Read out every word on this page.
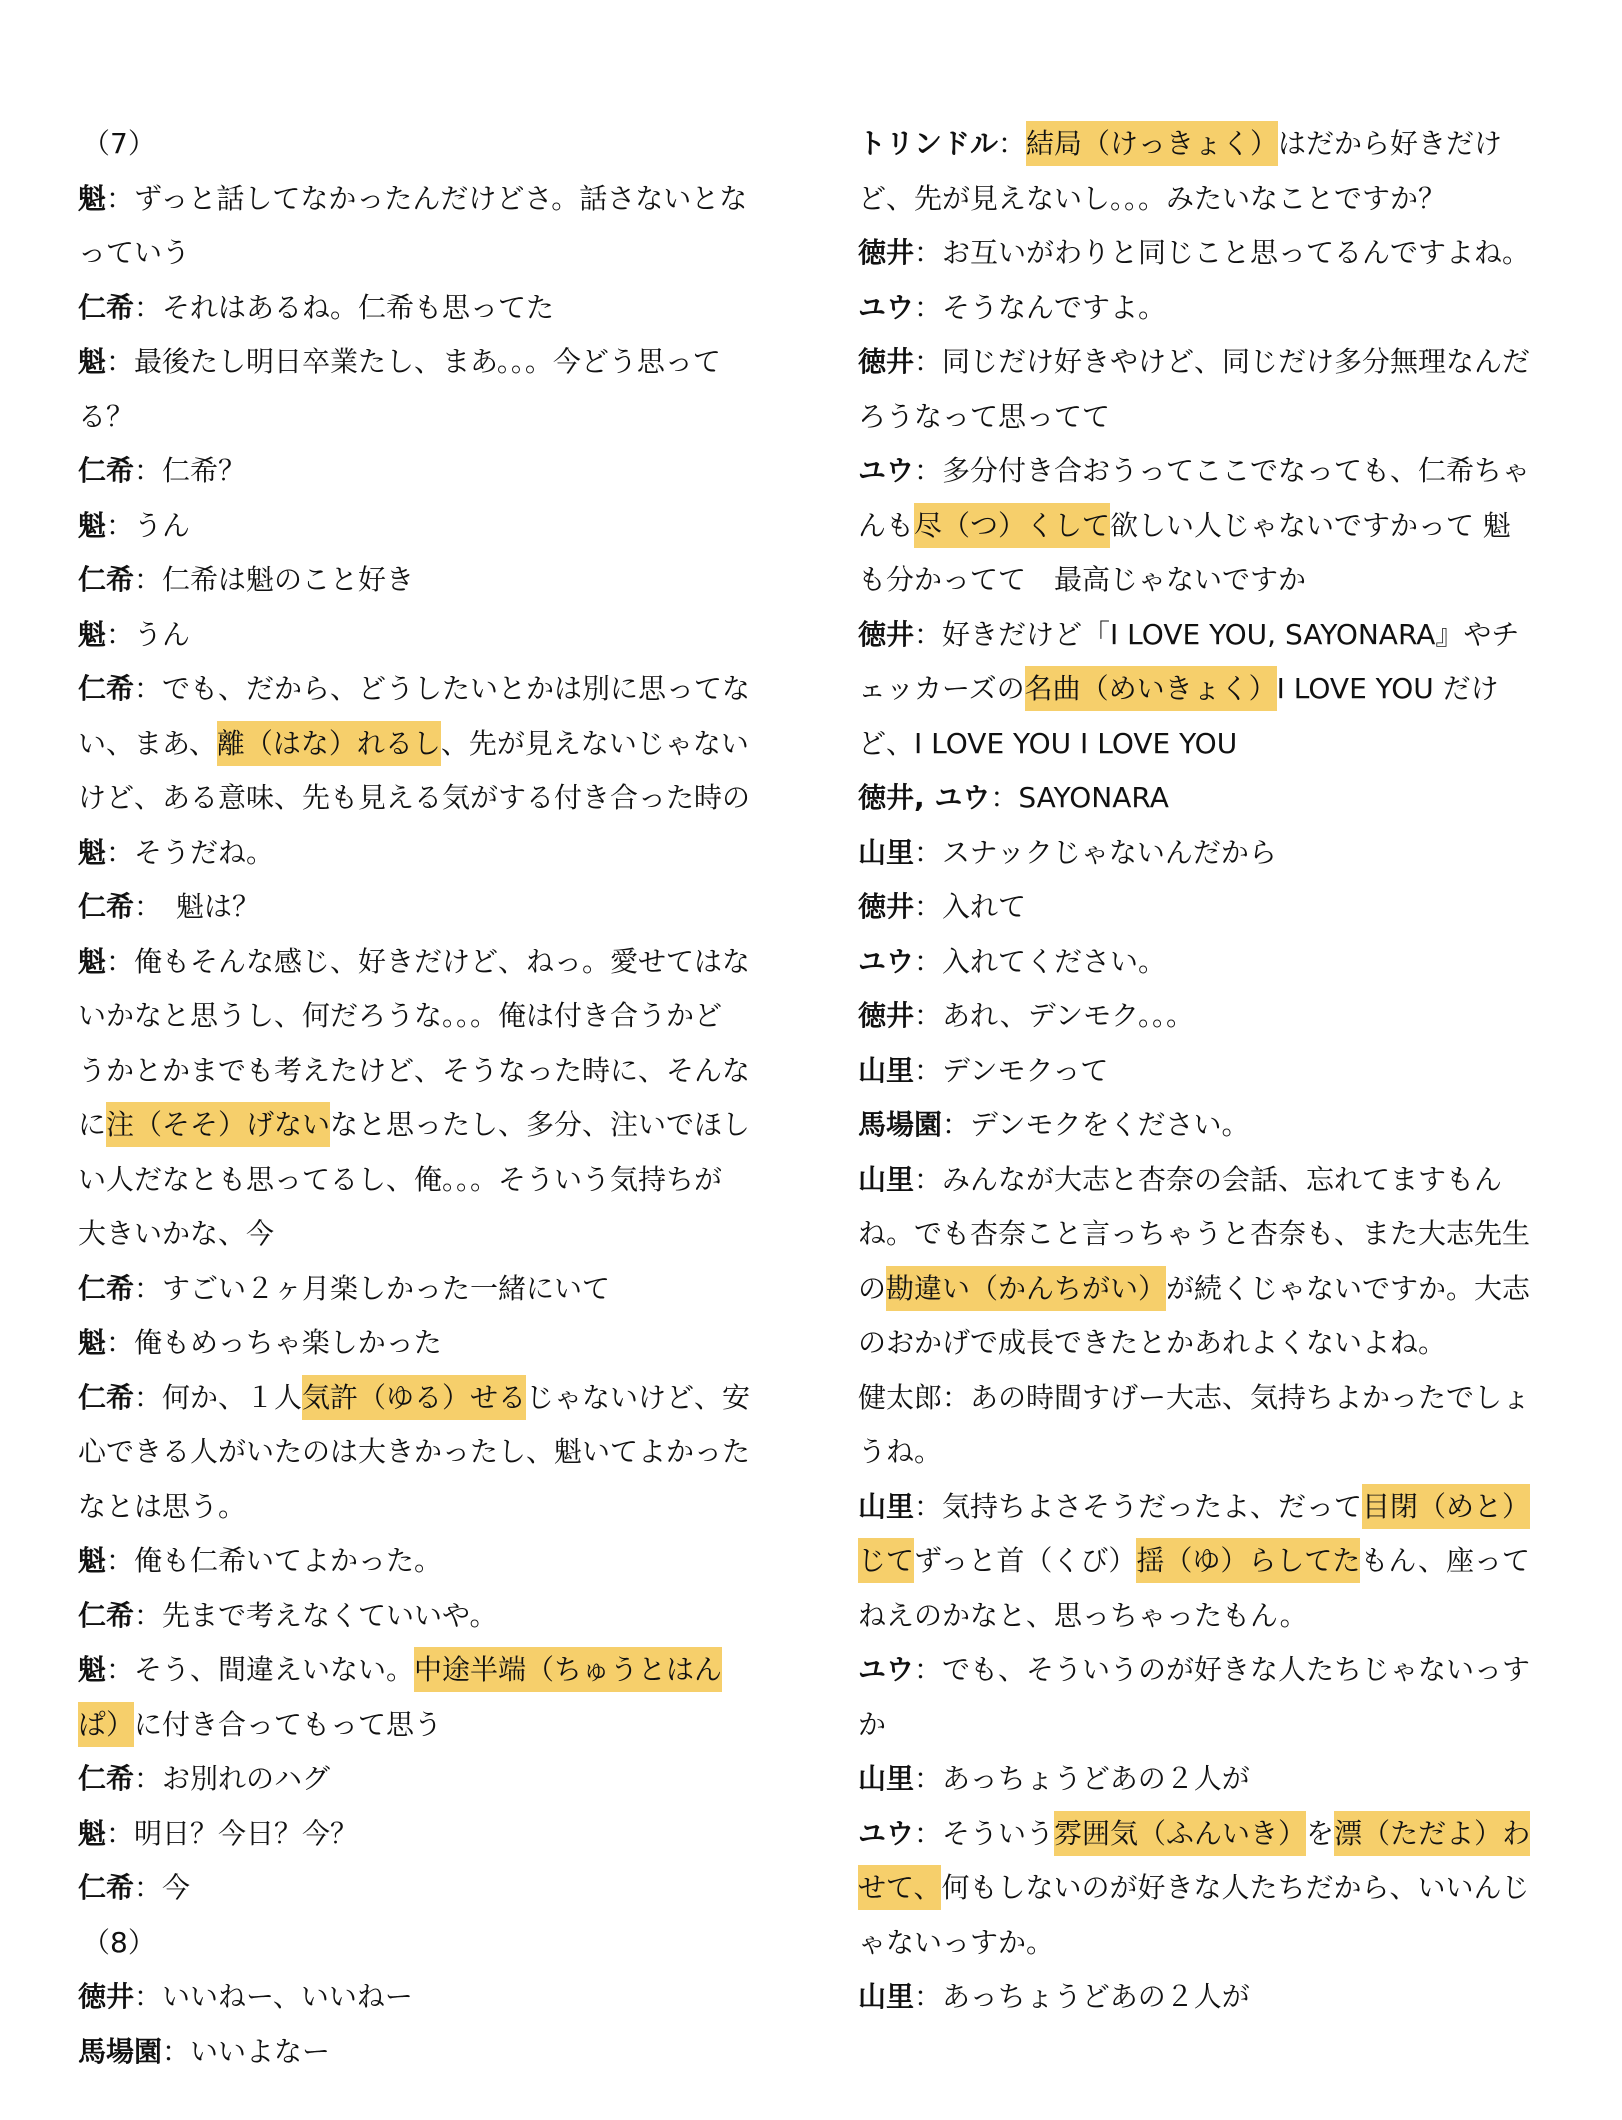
（7）
魁：ずっと話してなかったんだけどさ。話さないとな
っていう
仁希：それはあるね。仁希も思ってた
魁：最後たし明日卒業たし、まあ。。。今どう思って
る？
仁希：仁希？
魁：うん
仁希：仁希は魁のこと好き
魁：うん
仁希：でも、だから、どうしたいとかは別に思ってな
い、まあ、離（はな）れるし、先が見えないじゃない
けど、ある意味、先も見える気がする付き合った時の
魁：そうだね。
仁希：　魁は？
魁：俺もそんな感じ、好きだけど、ねっ。愛せてはな
いかなと思うし、何だろうな。。。俺は付き合うかど
うかとかまでも考えたけど、そうなった時に、そんな
に注（そそ）げないなと思ったし、多分、注いでほし
い人だなとも思ってるし、俺。。。そういう気持ちが
大きいかな、今
仁希：すごい２ヶ月楽しかった一緒にいて
魁：俺もめっちゃ楽しかった
仁希：何か、１人気許（ゆる）せるじゃないけど、安
心できる人がいたのは大きかったし、魁いてよかった
なとは思う。
魁：俺も仁希いてよかった。
仁希：先まで考えなくていいや。
魁：そう、間違えいない。中途半端（ちゅうとはん
ぱ）に付き合ってもって思う
仁希：お別れのハグ
魁：明日？今日？今？
仁希：今
（8）
徳井：いいねー、いいねー
馬場園：いいよなー
トリンドル：結局（けっきょく）はだから好きだけ
ど、先が見えないし。。。みたいなことですか？
徳井：お互いがわりと同じこと思ってるんですよね。
ユウ：そうなんですよ。
徳井：同じだけ好きやけど、同じだけ多分無理なんだ
ろうなって思ってて
ユウ：多分付き合おうってここでなっても、仁希ちゃ
んも尽（つ）くして欲しい人じゃないですかって 魁
も分かってて　最高じゃないですか
徳井：好きだけど「I LOVE YOU, SAYONARA』やチ
ェッカーズの名曲（めいきょく）I LOVE YOU だけ
ど、I LOVE YOU I LOVE YOU
徳井, ユウ：SAYONARA
山里：スナックじゃないんだから
徳井：入れて
ユウ：入れてください。
徳井：あれ、デンモク。。。
山里：デンモクって
馬場園：デンモクをください。
山里：みんなが大志と杏奈の会話、忘れてますもん
ね。でも杏奈こと言っちゃうと杏奈も、また大志先生
の勘違い（かんちがい）が続くじゃないですか。大志
のおかげで成長できたとかあれよくないよね。
健太郎：あの時間すげー大志、気持ちよかったでしょ
うね。
山里：気持ちよさそうだったよ、だって目閉（めと）
じてずっと首（くび）揺（ゆ）らしてたもん、座って
ねえのかなと、思っちゃったもん。
ユウ：でも、そういうのが好きな人たちじゃないっす
か
山里：あっちょうどあの２人が
ユウ：そういう雰囲気（ふんいき）を漂（ただよ）わ
せて、何もしないのが好きな人たちだから、いいんじ
ゃないっすか。
山里：あっちょうどあの２人が
